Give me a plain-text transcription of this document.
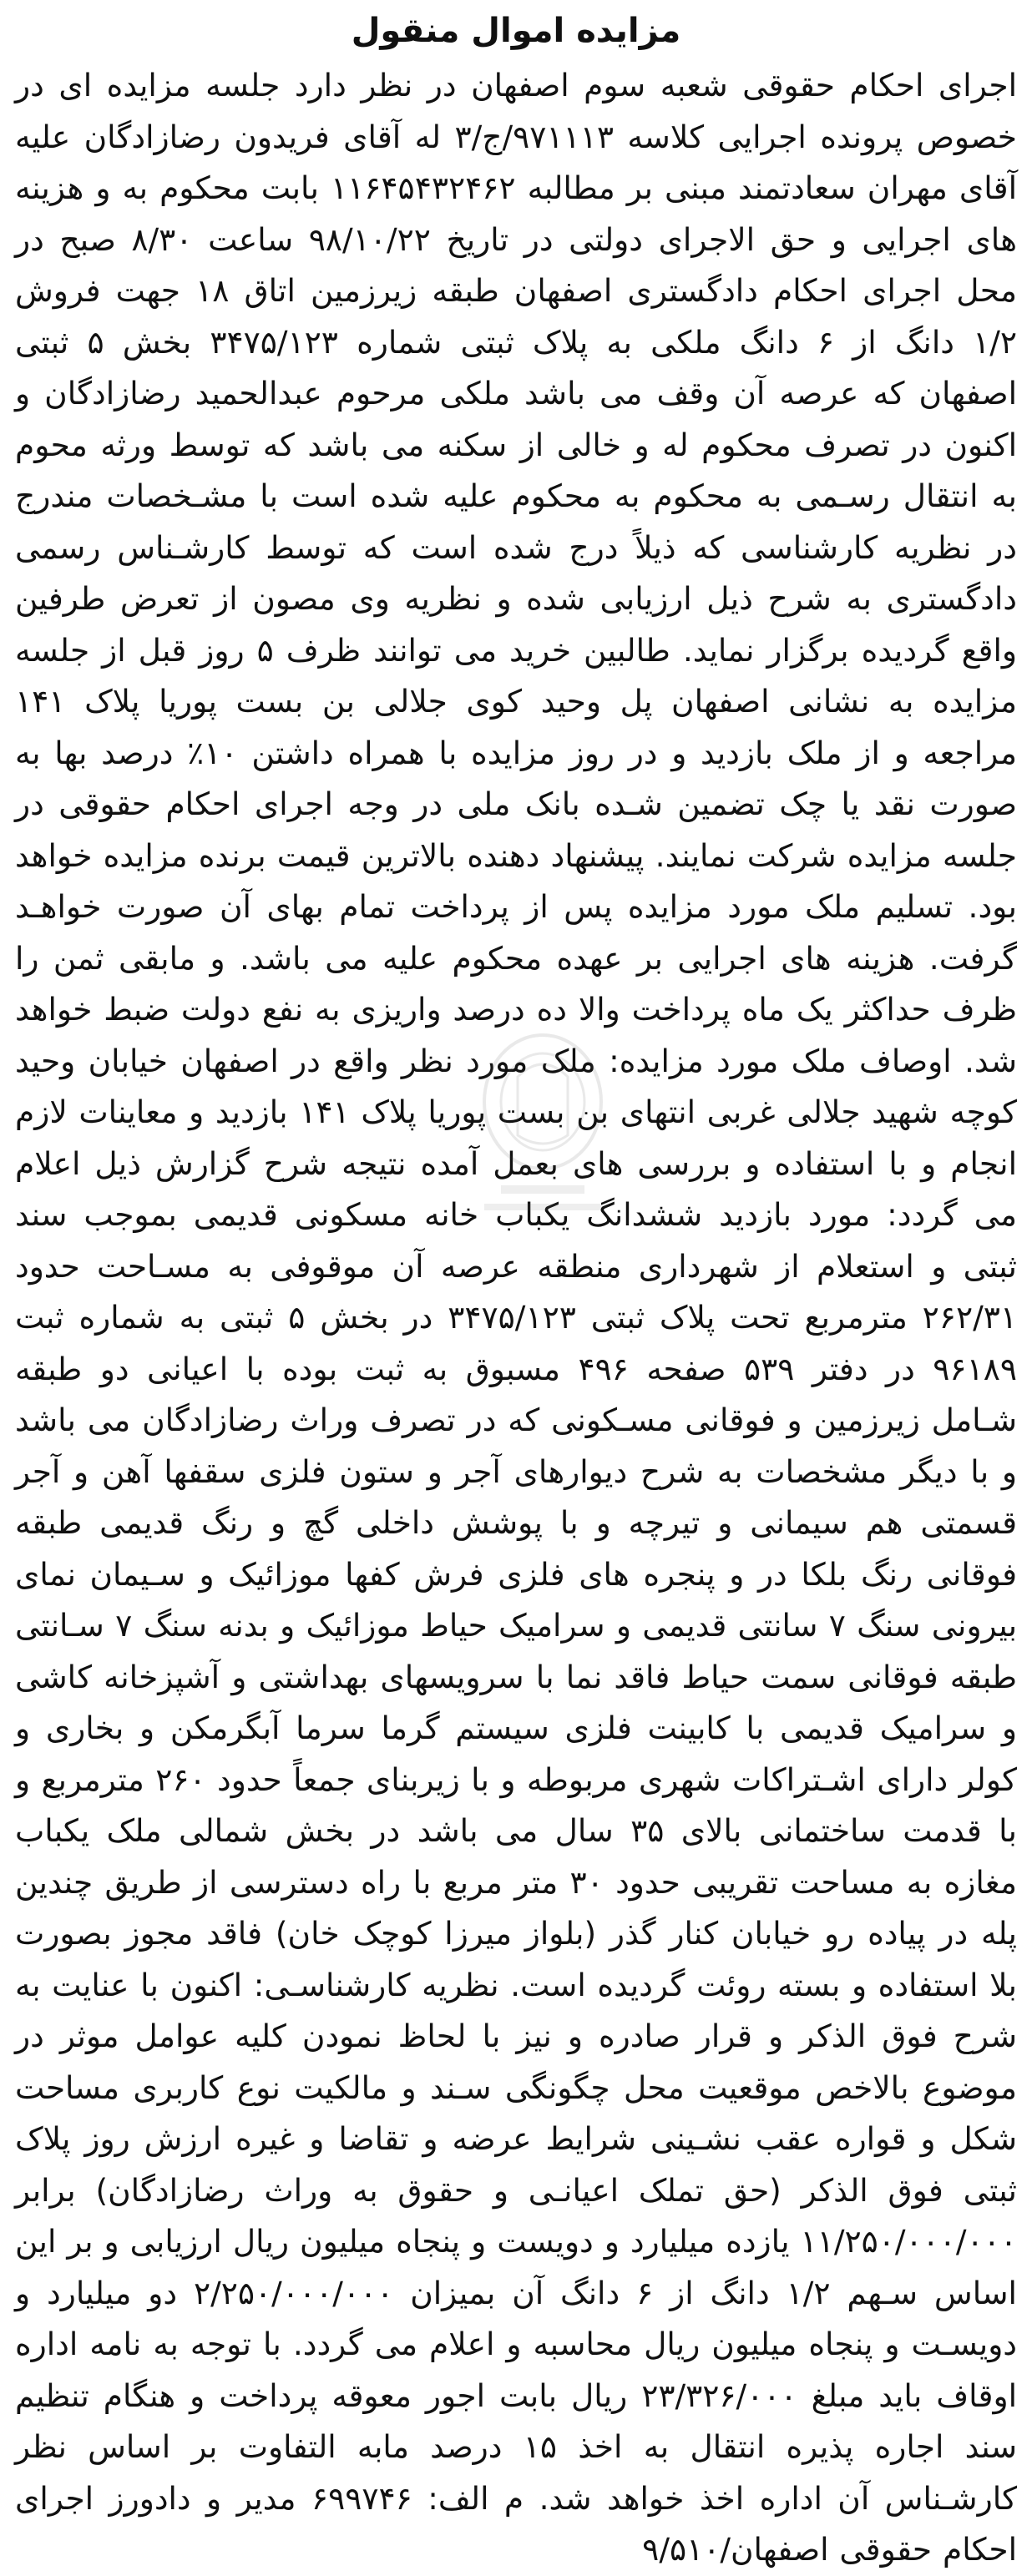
مزایده اموال منقول

اجرای احکام حقوقی شعبه سوم اصفهان در نظر دارد جلسه مزایده ای در خصوص پرونده اجرایی کلاسه ۹۷۱۱۱۳/ج/۳ له آقای فریدون رضازادگان علیه آقای مهران سعادتمند مبنی بر مطالبه ۱۱۶۴۵۴۳۲۴۶۲ بابت محکوم به و هزینه های اجرایی و حق الاجرای دولتی در تاریخ ۹۸/۱۰/۲۲ ساعت ۸/۳۰ صبح در محل اجرای احکام دادگستری اصفهان طبقه زیرزمین اتاق ۱۸ جهت فروش ۱/۲ دانگ از ۶ دانگ ملکی به پلاک ثبتی شماره ۳۴۷۵/۱۲۳ بخش ۵ ثبتی اصفهان که عرصه آن وقف می باشد ملکی مرحوم عبدالحمید رضازادگان و اکنون در تصرف محکوم له و خالی از سکنه می باشد که توسط ورثه محوم به انتقال رسـمی به محکوم به محکوم علیه شده است با مشـخصات مندرج در نظریه کارشناسی که ذیلاً درج شده است که توسط کارشـناس رسمی دادگستری به شرح ذیل ارزیابی شده و نظریه وی مصون از تعرض طرفین واقع گردیده برگزار نماید. طالبین خرید می توانند ظرف ۵ روز قبل از جلسه مزایده به نشانی اصفهان پل وحید کوی جلالی بن بست پوریا پلاک ۱۴۱ مراجعه و از ملک بازدید و در روز مزایده با همراه داشتن ۱۰٪ درصد بها به صورت نقد یا چک تضمین شـده بانک ملی در وجه اجرای احکام حقوقی در جلسه مزایده شرکت نمایند. پیشنهاد دهنده بالاترین قیمت برنده مزایده خواهد بود. تسلیم ملک مورد مزایده پس از پرداخت تمام بهای آن صورت خواهـد گرفت. هزینه های اجرایی بر عهده محکوم علیه می باشد. و مابقی ثمن را ظرف حداکثر یک ماه پرداخت والا ده درصد واریزی به نفع دولت ضبط خواهد شد. اوصاف ملک مورد مزایده: ملک مورد نظر واقع در اصفهان خیابان وحید کوچه شهید جلالی غربی انتهای بن بست پوریا پلاک ۱۴۱ بازدید و معاینات لازم انجام و با استفاده و بررسی های بعمل آمده نتیجه شرح گزارش ذیل اعلام می گردد: مورد بازدید ششدانگ یکباب خانه مسکونی قدیمی بموجب سند ثبتی و استعلام از شهرداری منطقه عرصه آن موقوفی به مسـاحت حدود ۲۶۲/۳۱ مترمربع تحت پلاک ثبتی ۳۴۷۵/۱۲۳ در بخش ۵ ثبتی به شماره ثبت ۹۶۱۸۹ در دفتر ۵۳۹ صفحه ۴۹۶ مسبوق به ثبت بوده با اعیانی دو طبقه شـامل زیرزمین و فوقانی مسـکونی که در تصرف وراث رضازادگان می باشد و با دیگر مشخصات به شرح دیوارهای آجر و ستون فلزی سقفها آهن و آجر قسمتی هم سیمانی و تیرچه و با پوشش داخلی گچ و رنگ قدیمی طبقه فوقانی رنگ بلکا در و پنجره های فلزی فرش کفها موزائیک و سـیمان نمای بیرونی سنگ ۷ سانتی قدیمی و سرامیک حیاط موزائیک و بدنه سنگ ۷ سـانتی طبقه فوقانی سمت حیاط فاقد نما با سرویسهای بهداشتی و آشپزخانه کاشی و سرامیک قدیمی با کابینت فلزی سیستم گرما سرما آبگرمکن و بخاری و کولر دارای اشـتراکات شهری مربوطه و با زیربنای جمعاً حدود ۲۶۰ مترمربع و با قدمت ساختمانی بالای ۳۵ سال می باشد در بخش شمالی ملک یکباب مغازه به مساحت تقریبی حدود ۳۰ متر مربع با راه دسترسی از طریق چندین پله در پیاده رو خیابان کنار گذر (بلواز میرزا کوچک خان) فاقد مجوز بصورت بلا استفاده و بسته روئت گردیده است. نظریه کارشناسـی: اکنون با عنایت به شرح فوق الذکر و قرار صادره و نیز با لحاظ نمودن کلیه عوامل موثر در موضوع بالاخص موقعیت محل چگونگی سـند و مالکیت نوع کاربری مساحت شکل و قواره عقب نشـینی شرایط عرضه و تقاضا و غیره ارزش روز پلاک ثبتی فوق الذکر (حق تملک اعیانـی و حقوق به وراث رضازادگان) برابر ۱۱/۲۵۰/۰۰۰/۰۰۰ یازده میلیارد و دویست و پنجاه میلیون ریال ارزیابی و بر این اساس سـهم ۱/۲ دانگ از ۶ دانگ آن بمیزان ۲/۲۵۰/۰۰۰/۰۰۰ دو میلیارد و دویسـت و پنجاه میلیون ریال محاسبه و اعلام می گردد. با توجه به نامه اداره اوقاف باید مبلغ ۲۳/۳۲۶/۰۰۰ ریال بابت اجور معوقه پرداخت و هنگام تنظیم سند اجاره پذیره انتقال به اخذ ۱۵ درصد مابه التفاوت بر اساس نظر کارشـناس آن اداره اخذ خواهد شد. م الف: ۶۹۹۷۴۶ مدیر و دادورز اجرای احکام حقوقی اصفهان/۹/۵۱۰
